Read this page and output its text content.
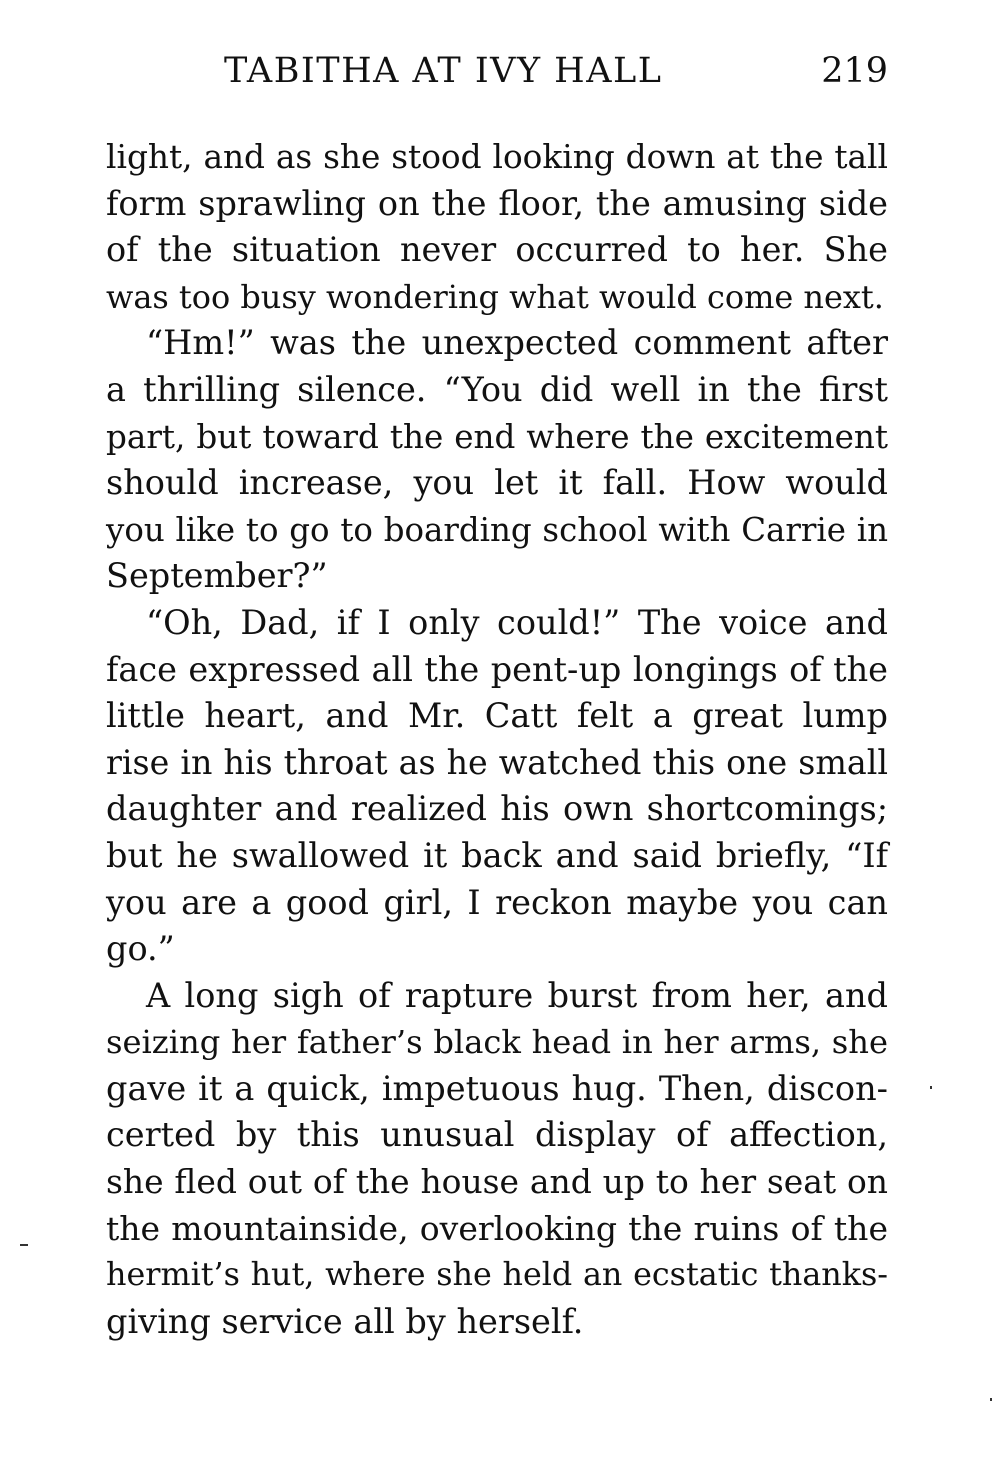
TABITHA AT IVY HALL	219
light, and as she stood looking down at the tall
form sprawling on the floor, the amusing side
of the situation never occurred to her. She
was too busy wondering what would come next.
“Hm!” was the unexpected comment after
a thrilling silence. “You did well in the first
part, but toward the end where the excitement
should increase, you let it fall. How would
you like to go to boarding school with Carrie in
September?”
“Oh, Dad, if I only could!” The voice and
face expressed all the pent-up longings of the
little heart, and Mr. Catt felt a great lump
rise in his throat as he watched this one small
daughter and realized his own shortcomings;
but he swallowed it back and said briefly, “If
you are a good girl, I reckon maybe you can
go.”
A long sigh of rapture burst from her, and
seizing her father’s black head in her arms, she
gave it a quick, impetuous hug. Then, discon-
certed by this unusual display of affection,
she fled out of the house and up to her seat on
the mountainside, overlooking the ruins of the
hermit’s hut, where she held an ecstatic thanks-
giving service all by herself.
